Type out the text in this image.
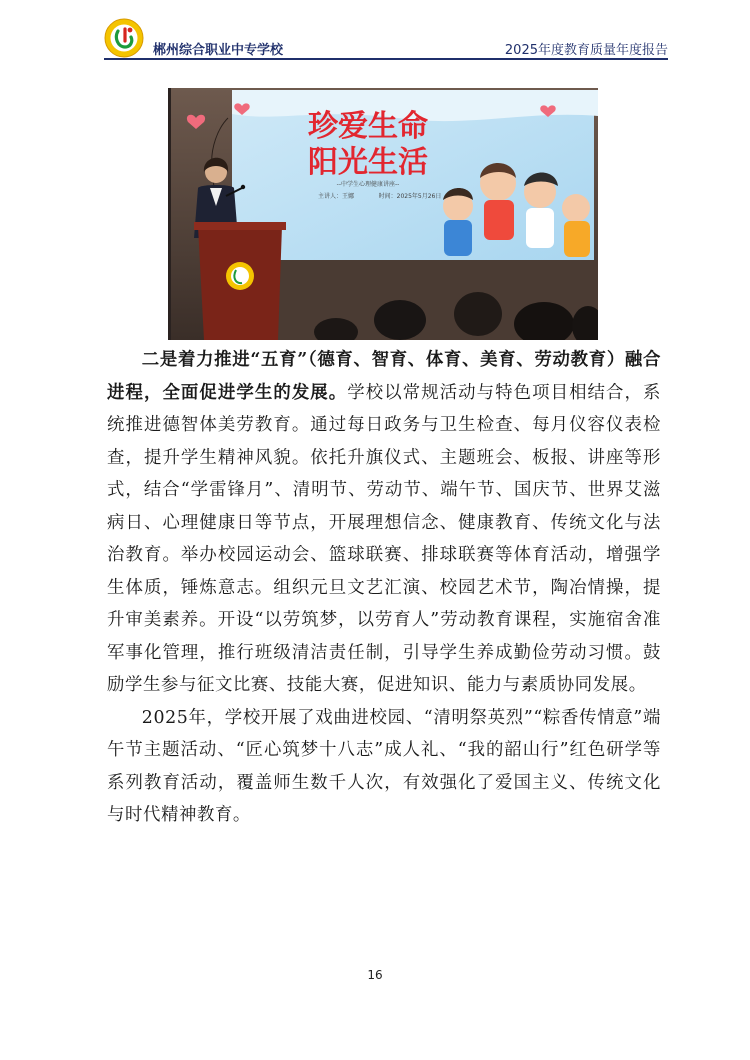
郴州综合职业中专学校	2025年度教育质量年度报告
珍爱生命
阳光生活
--中学生心理健康讲座--
主讲人：王娜	时间：2025年5月26日

二是着力推进“五育”（德育、智育、体育、美育、劳动教育）融合进程，全面促进学生的发展。学校以常规活动与特色项目相结合，系统推进德智体美劳教育。通过每日政务与卫生检查、每月仪容仪表检查，提升学生精神风貌。依托升旗仪式、主题班会、板报、讲座等形式，结合“学雷锋月”、清明节、劳动节、端午节、国庆节、世界艾滋病日、心理健康日等节点，开展理想信念、健康教育、传统文化与法治教育。举办校园运动会、篮球联赛、排球联赛等体育活动，增强学生体质，锤炼意志。组织元旦文艺汇演、校园艺术节，陶冶情操，提升审美素养。开设“以劳筑梦，以劳育人”劳动教育课程，实施宿舍准军事化管理，推行班级清洁责任制，引导学生养成勤俭劳动习惯。鼓励学生参与征文比赛、技能大赛，促进知识、能力与素质协同发展。

2025年，学校开展了戏曲进校园、“清明祭英烈”“粽香传情意”端午节主题活动、“匠心筑梦十八志”成人礼、“我的韶山行”红色研学等系列教育活动，覆盖师生数千人次，有效强化了爱国主义、传统文化与时代精神教育。

16
